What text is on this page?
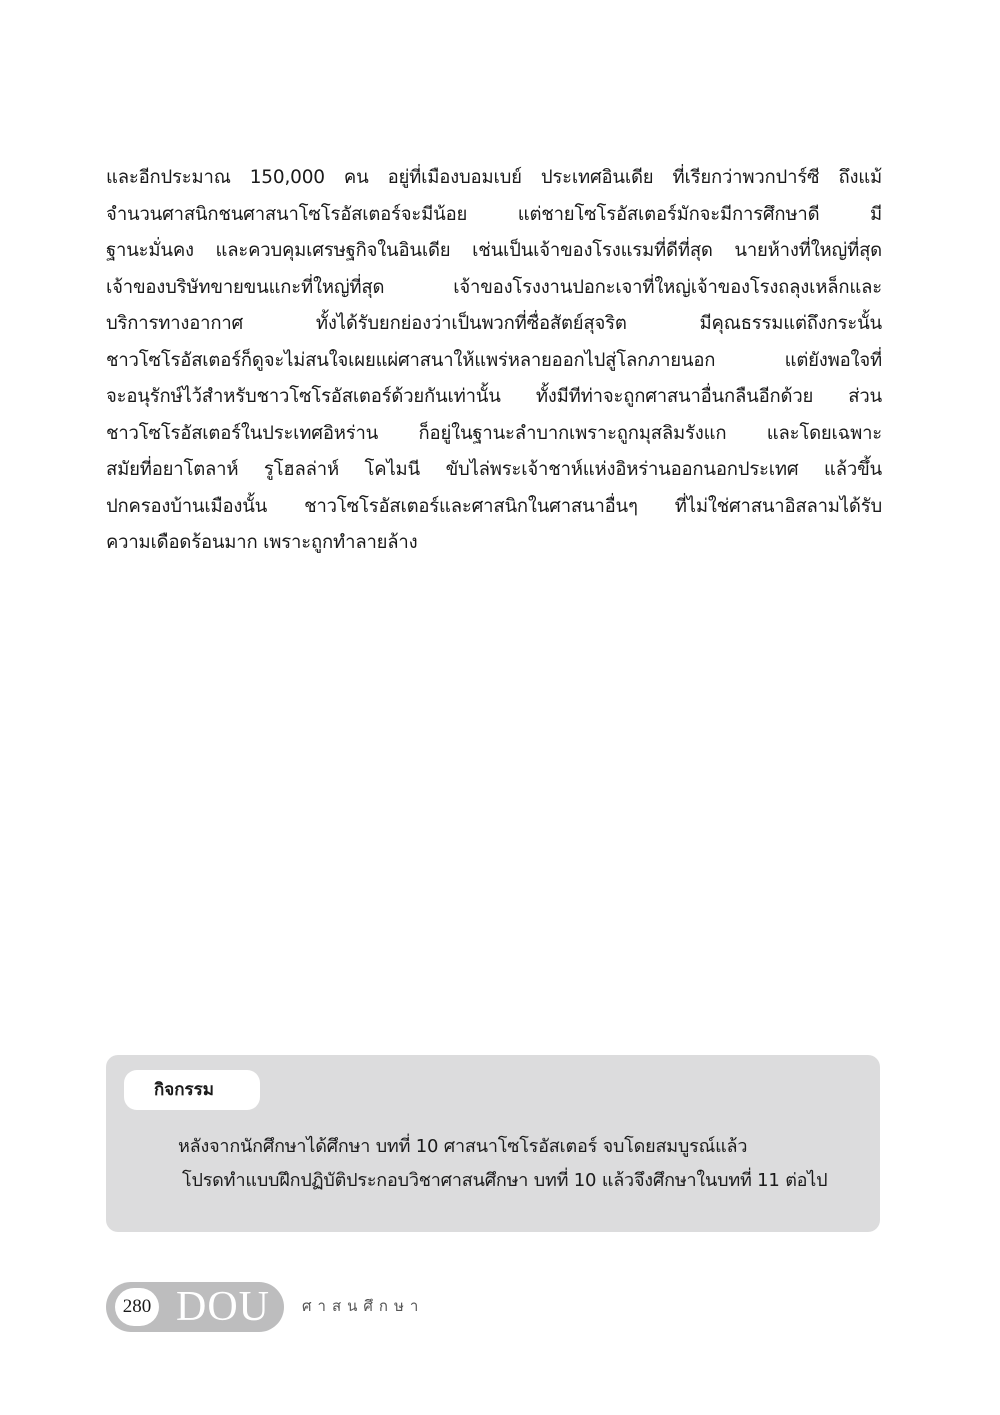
และอีกประมาณ 150,000 คน อยู่ที่เมืองบอมเบย์ ประเทศอินเดีย ที่เรียกว่าพวกปาร์ซี ถึงแม้
จำนวนศาสนิกชนศาสนาโซโรอัสเตอร์จะมีน้อย แต่ชายโซโรอัสเตอร์มักจะมีการศึกษาดี มี
ฐานะมั่นคง และควบคุมเศรษฐกิจในอินเดีย เช่นเป็นเจ้าของโรงแรมที่ดีที่สุด นายห้างที่ใหญ่ที่สุด
เจ้าของบริษัทขายขนแกะที่ใหญ่ที่สุด เจ้าของโรงงานปอกะเจาที่ใหญ่เจ้าของโรงถลุงเหล็กและ
บริการทางอากาศ ทั้งได้รับยกย่องว่าเป็นพวกที่ซื่อสัตย์สุจริต มีคุณธรรมแต่ถึงกระนั้น
ชาวโซโรอัสเตอร์ก็ดูจะไม่สนใจเผยแผ่ศาสนาให้แพร่หลายออกไปสู่โลกภายนอก แต่ยังพอใจที่
จะอนุรักษ์ไว้สำหรับชาวโซโรอัสเตอร์ด้วยกันเท่านั้น ทั้งมีทีท่าจะถูกศาสนาอื่นกลืนอีกด้วย ส่วน
ชาวโซโรอัสเตอร์ในประเทศอิหร่าน ก็อยู่ในฐานะลำบากเพราะถูกมุสลิมรังแก และโดยเฉพาะ
สมัยที่อยาโตลาห์ รูโฮลล่าห์ โคไมนี ขับไล่พระเจ้าชาห์แห่งอิหร่านออกนอกประเทศ แล้วขึ้น
ปกครองบ้านเมืองนั้น ชาวโซโรอัสเตอร์และศาสนิกในศาสนาอื่นๆ ที่ไม่ใช่ศาสนาอิสลามได้รับ
ความเดือดร้อนมาก เพราะถูกทำลายล้าง
กิจกรรม
หลังจากนักศึกษาได้ศึกษา บทที่ 10 ศาสนาโซโรอัสเตอร์ จบโดยสมบูรณ์แล้ว
โปรดทำแบบฝึกปฏิบัติประกอบวิชาศาสนศึกษา บทที่ 10 แล้วจึงศึกษาในบทที่ 11 ต่อไป
280 DOU ศาสนศึกษา
